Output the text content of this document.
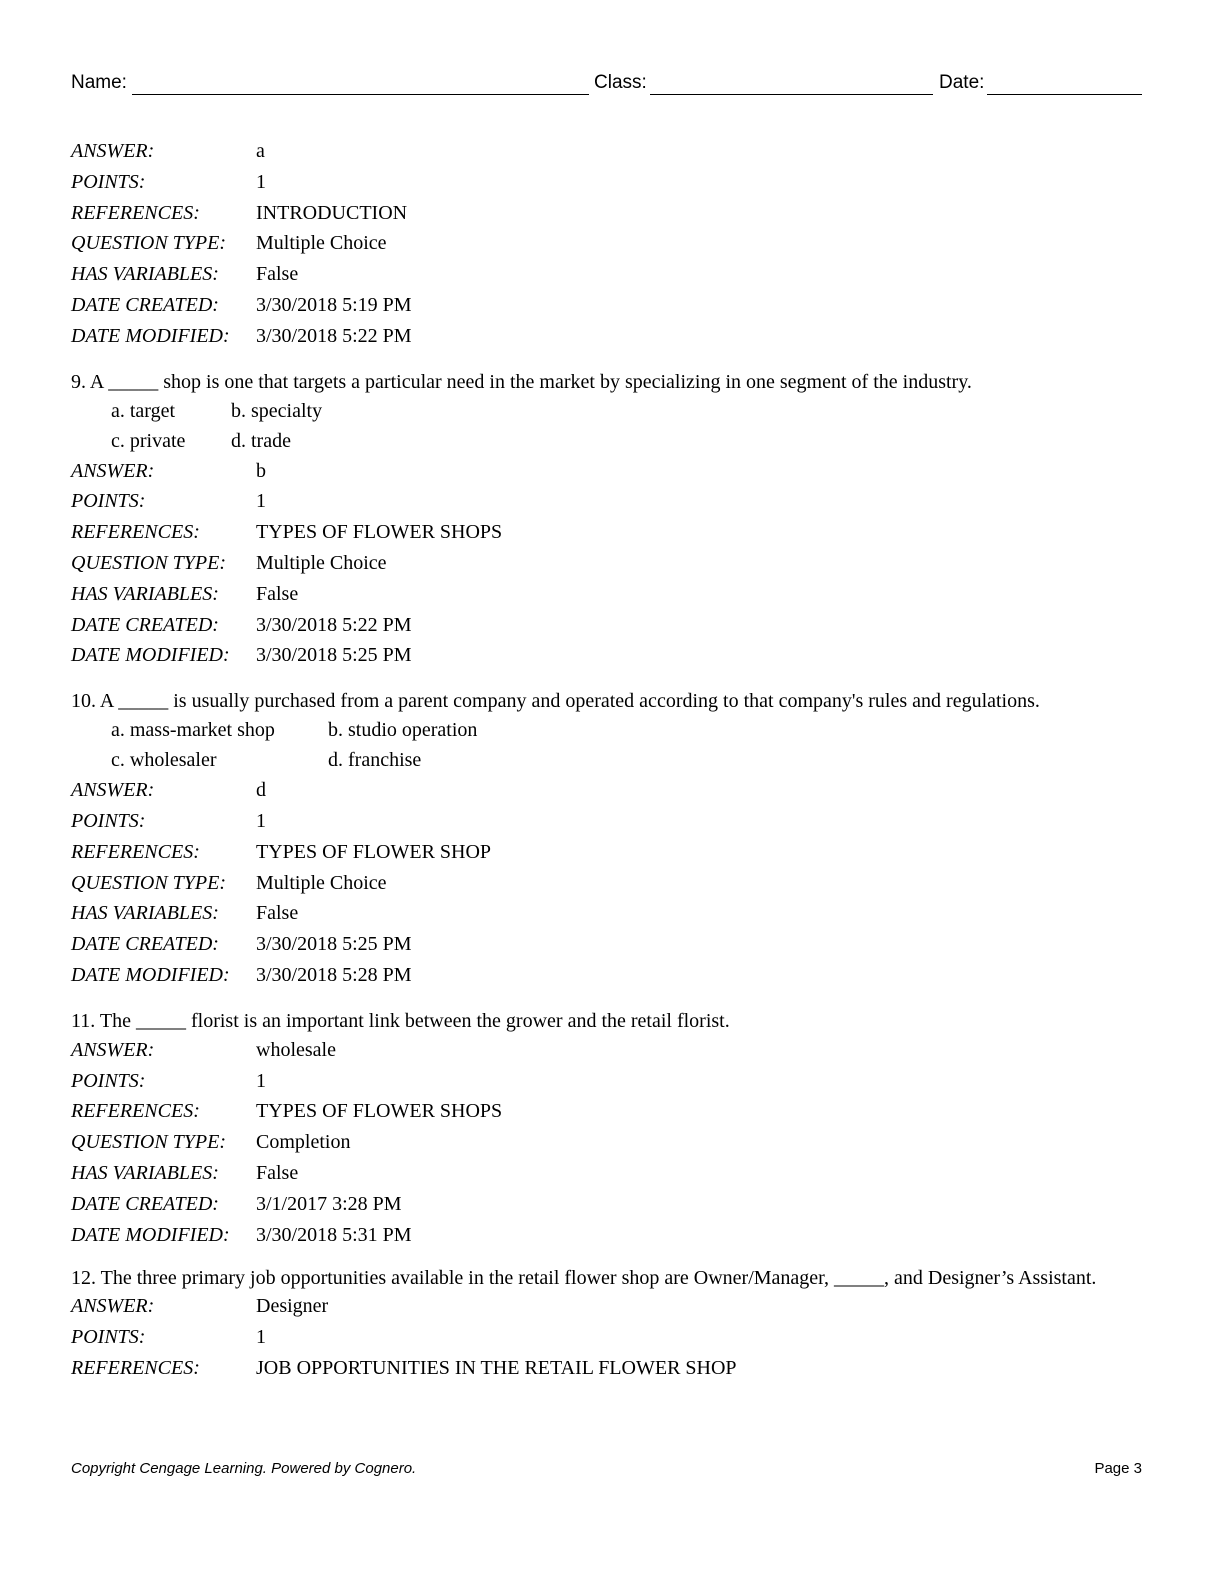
Name:	Class:	Date:
ANSWER:	a
POINTS:	1
REFERENCES:	INTRODUCTION
QUESTION TYPE: Multiple Choice
HAS VARIABLES: False
DATE CREATED: 3/30/2018 5:19 PM
DATE MODIFIED: 3/30/2018 5:22 PM
9. A _____ shop is one that targets a particular need in the market by specializing in one segment of the industry.
a. target	b. specialty
c. private d. trade
ANSWER:	b
POINTS:	1
REFERENCES:	TYPES OF FLOWER SHOPS
QUESTION TYPE: Multiple Choice
HAS VARIABLES: False
DATE CREATED: 3/30/2018 5:22 PM
DATE MODIFIED: 3/30/2018 5:25 PM
10. A _____ is usually purchased from a parent company and operated according to that company's rules and regulations.
a. mass-market shop	b. studio operation
c. wholesaler	d. franchise
ANSWER:	d
POINTS:	1
REFERENCES:	TYPES OF FLOWER SHOP
QUESTION TYPE: Multiple Choice
HAS VARIABLES: False
DATE CREATED: 3/30/2018 5:25 PM
DATE MODIFIED: 3/30/2018 5:28 PM
11. The _____ florist is an important link between the grower and the retail florist.
ANSWER:	wholesale
POINTS:	1
REFERENCES:	TYPES OF FLOWER SHOPS
QUESTION TYPE: Completion
HAS VARIABLES: False
DATE CREATED: 3/1/2017 3:28 PM
DATE MODIFIED: 3/30/2018 5:31 PM
12. The three primary job opportunities available in the retail flower shop are Owner/Manager, _____, and Designer’s Assistant.
ANSWER:	Designer
POINTS:	1
REFERENCES:	JOB OPPORTUNITIES IN THE RETAIL FLOWER SHOP
Copyright Cengage Learning. Powered by Cognero.	Page 3
